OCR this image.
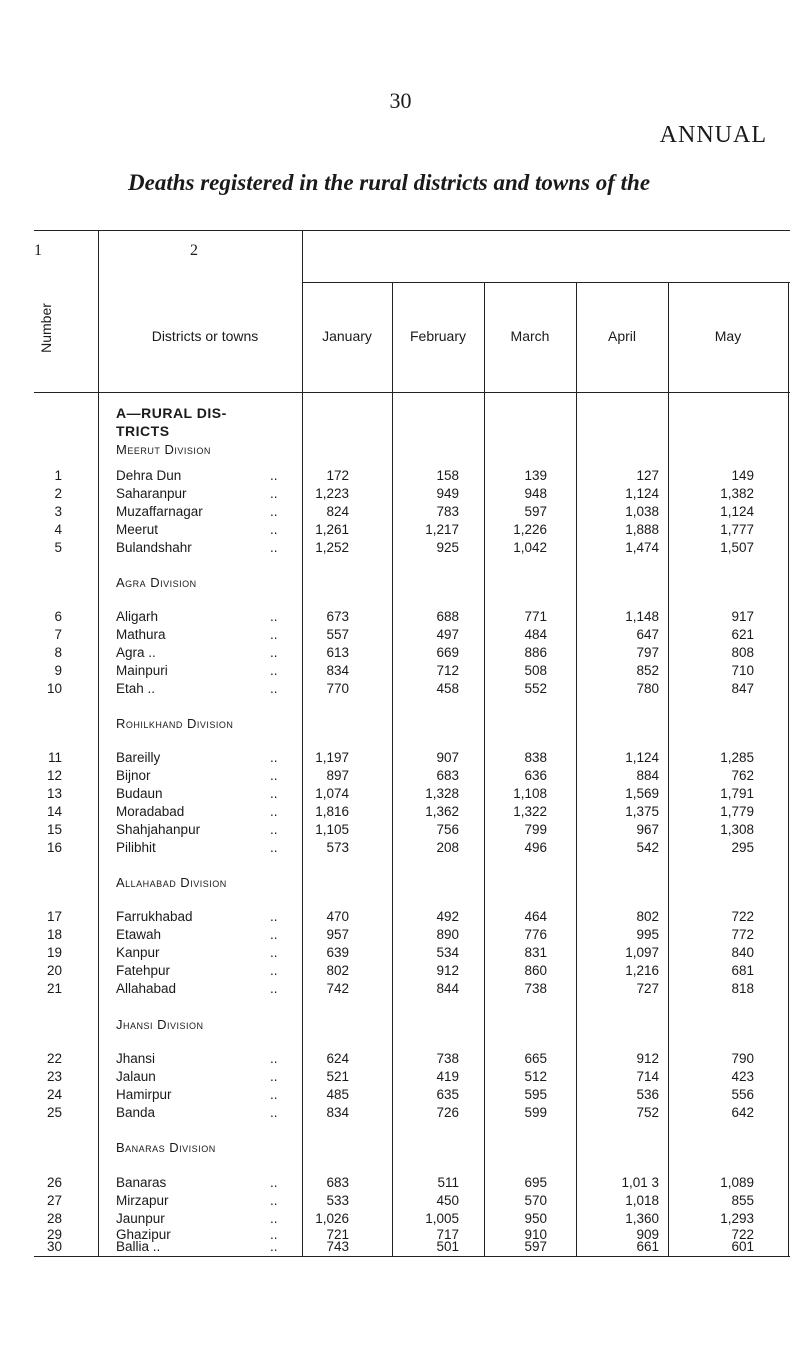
30
ANNUAL
Deaths registered in the rural districts and towns of the
1	2
Number	Districts or towns	January	February	March	April	May
A—RURAL DIS-
TRICTS
Meerut Division
1	Dehra Dun	..	172	158	139	127	149
2	Saharanpur	..	1,223	949	948	1,124	1,382
3	Muzaffarnagar	..	824	783	597	1,038	1,124
4	Meerut	..	1,261	1,217	1,226	1,888	1,777
5	Bulandshahr	..	1,252	925	1,042	1,474	1,507
Agra Division
6	Aligarh	..	673	688	771	1,148	917
7	Mathura	..	557	497	484	647	621
8	Agra ..	..	613	669	886	797	808
9	Mainpuri	..	834	712	508	852	710
10	Etah ..	..	770	458	552	780	847
Rohilkhand Division
11	Bareilly	..	1,197	907	838	1,124	1,285
12	Bijnor	..	897	683	636	884	762
13	Budaun	..	1,074	1,328	1,108	1,569	1,791
14	Moradabad	..	1,816	1,362	1,322	1,375	1,779
15	Shahjahanpur	..	1,105	756	799	967	1,308
16	Pilibhit	..	573	208	496	542	295
Allahabad Division
17	Farrukhabad	..	470	492	464	802	722
18	Etawah	..	957	890	776	995	772
19	Kanpur	..	639	534	831	1,097	840
20	Fatehpur	..	802	912	860	1,216	681
21	Allahabad	..	742	844	738	727	818
Jhansi Division
22	Jhansi	..	624	738	665	912	790
23	Jalaun	..	521	419	512	714	423
24	Hamirpur	..	485	635	595	536	556
25	Banda	..	834	726	599	752	642
Banaras Division
26	Banaras	..	683	511	695	1,01 3	1,089
27	Mirzapur	..	533	450	570	1,018	855
28	Jaunpur	..	1,026	1,005	950	1,360	1,293
29	Ghazipur	..	721	717	910	909	722
30	Ballia ..	..	743	501	597	661	601
